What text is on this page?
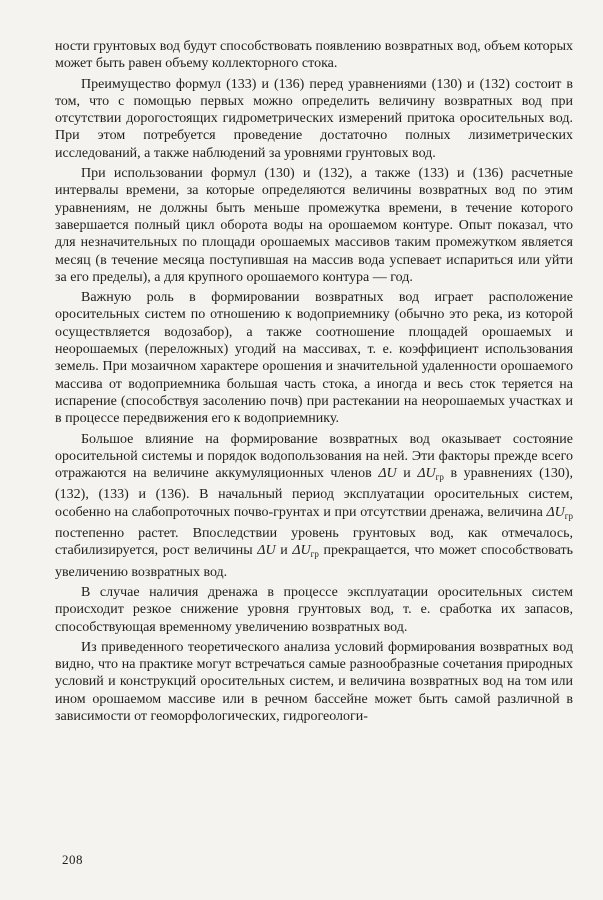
ности грунтовых вод будут способствовать появлению возвратных вод, объем которых может быть равен объему коллекторного стока.

Преимущество формул (133) и (136) перед уравнениями (130) и (132) состоит в том, что с помощью первых можно определить величину возвратных вод при отсутствии дорогостоящих гидрометрических измерений притока оросительных вод. При этом потребуется проведение достаточно полных лизиметрических исследований, а также наблюдений за уровнями грунтовых вод.

При использовании формул (130) и (132), а также (133) и (136) расчетные интервалы времени, за которые определяются величины возвратных вод по этим уравнениям, не должны быть меньше промежутка времени, в течение которого завершается полный цикл оборота воды на орошаемом контуре. Опыт показал, что для незначительных по площади орошаемых массивов таким промежутком является месяц (в течение месяца поступившая на массив вода успевает испариться или уйти за его пределы), а для крупного орошаемого контура — год.

Важную роль в формировании возвратных вод играет расположение оросительных систем по отношению к водоприемнику (обычно это река, из которой осуществляется водозабор), а также соотношение площадей орошаемых и неорошаемых (переложных) угодий на массивах, т. е. коэффициент использования земель. При мозаичном характере орошения и значительной удаленности орошаемого массива от водоприемника большая часть стока, а иногда и весь сток теряется на испарение (способствуя засолению почв) при растекании на неорошаемых участках и в процессе передвижения его к водоприемнику.

Большое влияние на формирование возвратных вод оказывает состояние оросительной системы и порядок водопользования на ней. Эти факторы прежде всего отражаются на величине аккумуляционных членов ΔU и $\Delta U_{гр}$ в уравнениях (130), (132), (133) и (136). В начальный период эксплуатации оросительных систем, особенно на слабопроточных почво-грунтах и при отсутствии дренажа, величина $\Delta U_{гр}$ постепенно растет. Впоследствии уровень грунтовых вод, как отмечалось, стабилизируется, рост величины ΔU и $\Delta U_{гр}$ прекращается, что может способствовать увеличению возвратных вод.

В случае наличия дренажа в процессе эксплуатации оросительных систем происходит резкое снижение уровня грунтовых вод, т. е. сработка их запасов, способствующая временному увеличению возвратных вод.

Из приведенного теоретического анализа условий формирования возвратных вод видно, что на практике могут встречаться самые разнообразные сочетания природных условий и конструкций оросительных систем, и величина возвратных вод на том или ином орошаемом массиве или в речном бассейне может быть самой различной в зависимости от геоморфологических, гидрогеологи-

208
